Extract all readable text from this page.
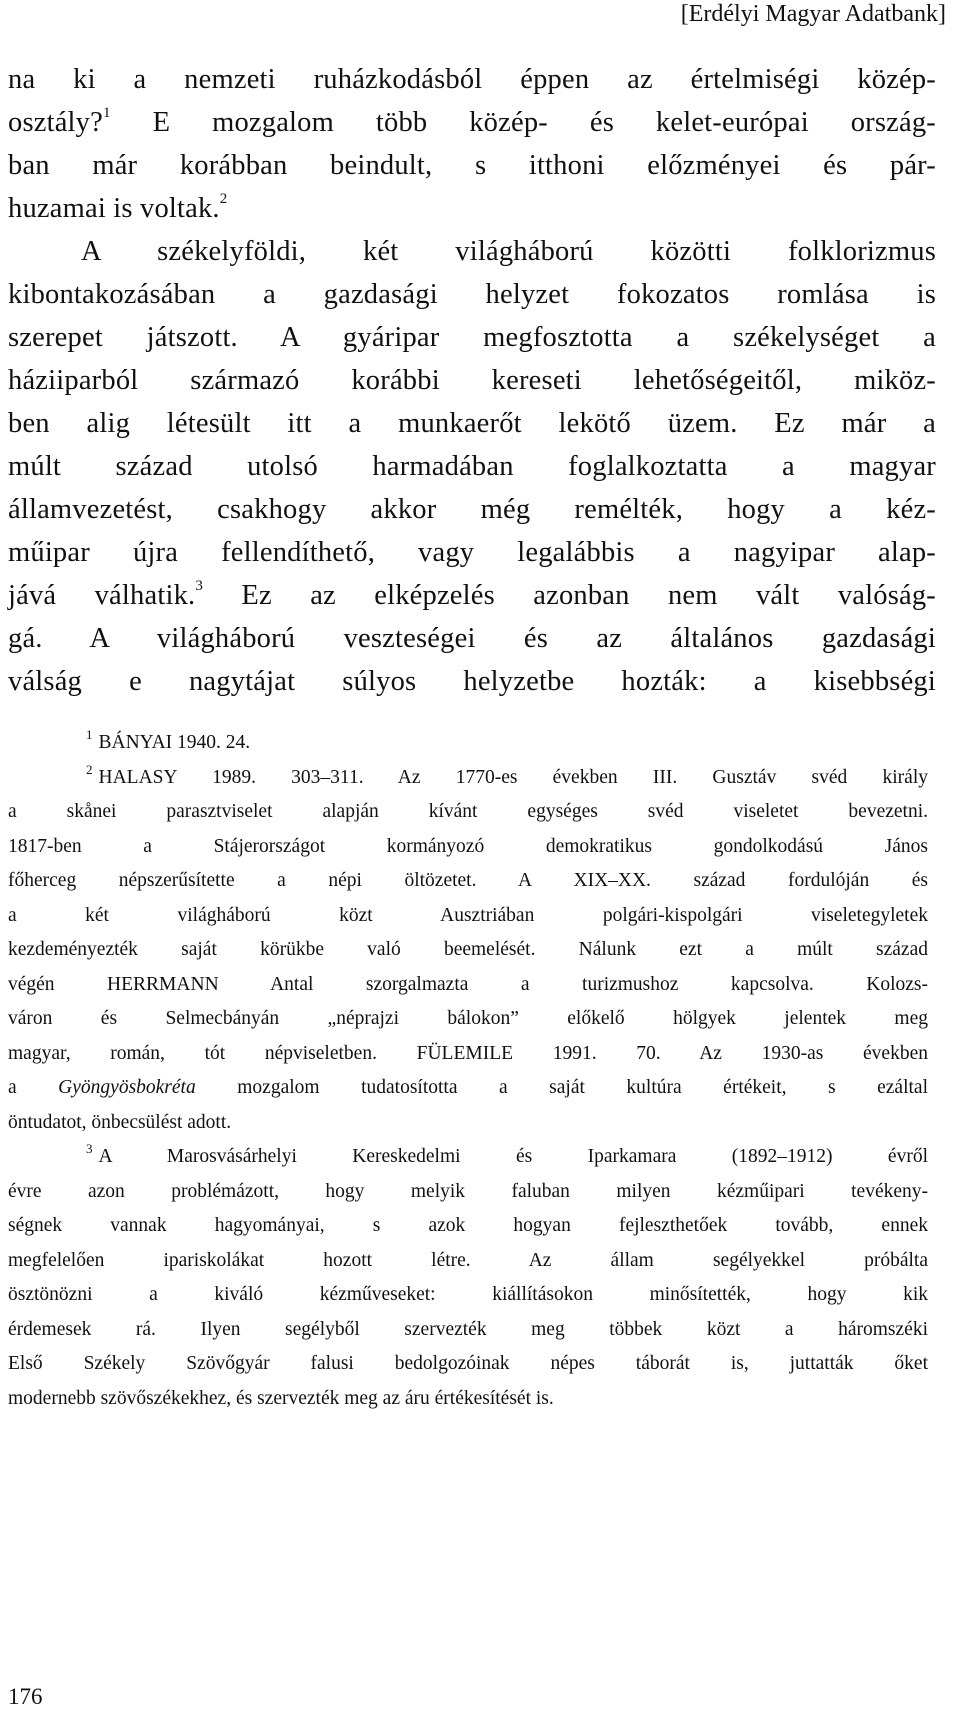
[Erdélyi Magyar Adatbank]
na ki a nemzeti ruházkodásból éppen az értelmiségi közép-
osztály?$^1$ E mozgalom több közép- és kelet-európai ország-
ban már korábban beindult, s itthoni előzményei és pár-
huzamai is voltak.$^2$
A székelyföldi, két világháború közötti folklorizmus
kibontakozásában a gazdasági helyzet fokozatos romlása is
szerepet játszott. A gyáripar megfosztotta a székelységet a
háziiparból származó korábbi kereseti lehetőségeitől, miköz-
ben alig létesült itt a munkaerőt lekötő üzem. Ez már a
múlt század utolsó harmadában foglalkoztatta a magyar
államvezetést, csakhogy akkor még remélték, hogy a kéz-
műipar újra fellendíthető, vagy legalábbis a nagyipar alap-
jává válhatik.$^3$ Ez az elképzelés azonban nem vált valóság-
gá. A világháború veszteségei és az általános gazdasági
válság e nagytájat súlyos helyzetbe hozták: a kisebbségi
$^1$ BÁNYAI 1940. 24.
$^2$ HALASY 1989. 303–311. Az 1770-es években III. Gusztáv svéd király
a skånei parasztviselet alapján kívánt egységes svéd viseletet bevezetni.
1817-ben a Stájerországot kormányozó demokratikus gondolkodású János
főherceg népszerűsítette a népi öltözetet. A XIX–XX. század fordulóján és
a két világháború közt Ausztriában polgári-kispolgári viseletegyletek
kezdeményezték saját körükbe való beemelését. Nálunk ezt a múlt század
végén HERRMANN Antal szorgalmazta a turizmushoz kapcsolva. Kolozs-
váron és Selmecbányán „néprajzi bálokon” előkelő hölgyek jelentek meg
magyar, román, tót népviseletben. FÜLEMILE 1991. 70. Az 1930-as években
a Gyöngyösbokréta mozgalom tudatosította a saját kultúra értékeit, s ezáltal
öntudatot, önbecsülést adott.
$^3$ A Marosvásárhelyi Kereskedelmi és Iparkamara (1892–1912) évről
évre azon problémázott, hogy melyik faluban milyen kézműipari tevékeny-
ségnek vannak hagyományai, s azok hogyan fejleszthetőek tovább, ennek
megfelelően ipariskolákat hozott létre. Az állam segélyekkel próbálta
ösztönözni a kiváló kézműveseket: kiállításokon minősítették, hogy kik
érdemesek rá. Ilyen segélyből szervezték meg többek közt a háromszéki
Első Székely Szövőgyár falusi bedolgozóinak népes táborát is, juttatták őket
modernebb szövőszékekhez, és szervezték meg az áru értékesítését is.
176
